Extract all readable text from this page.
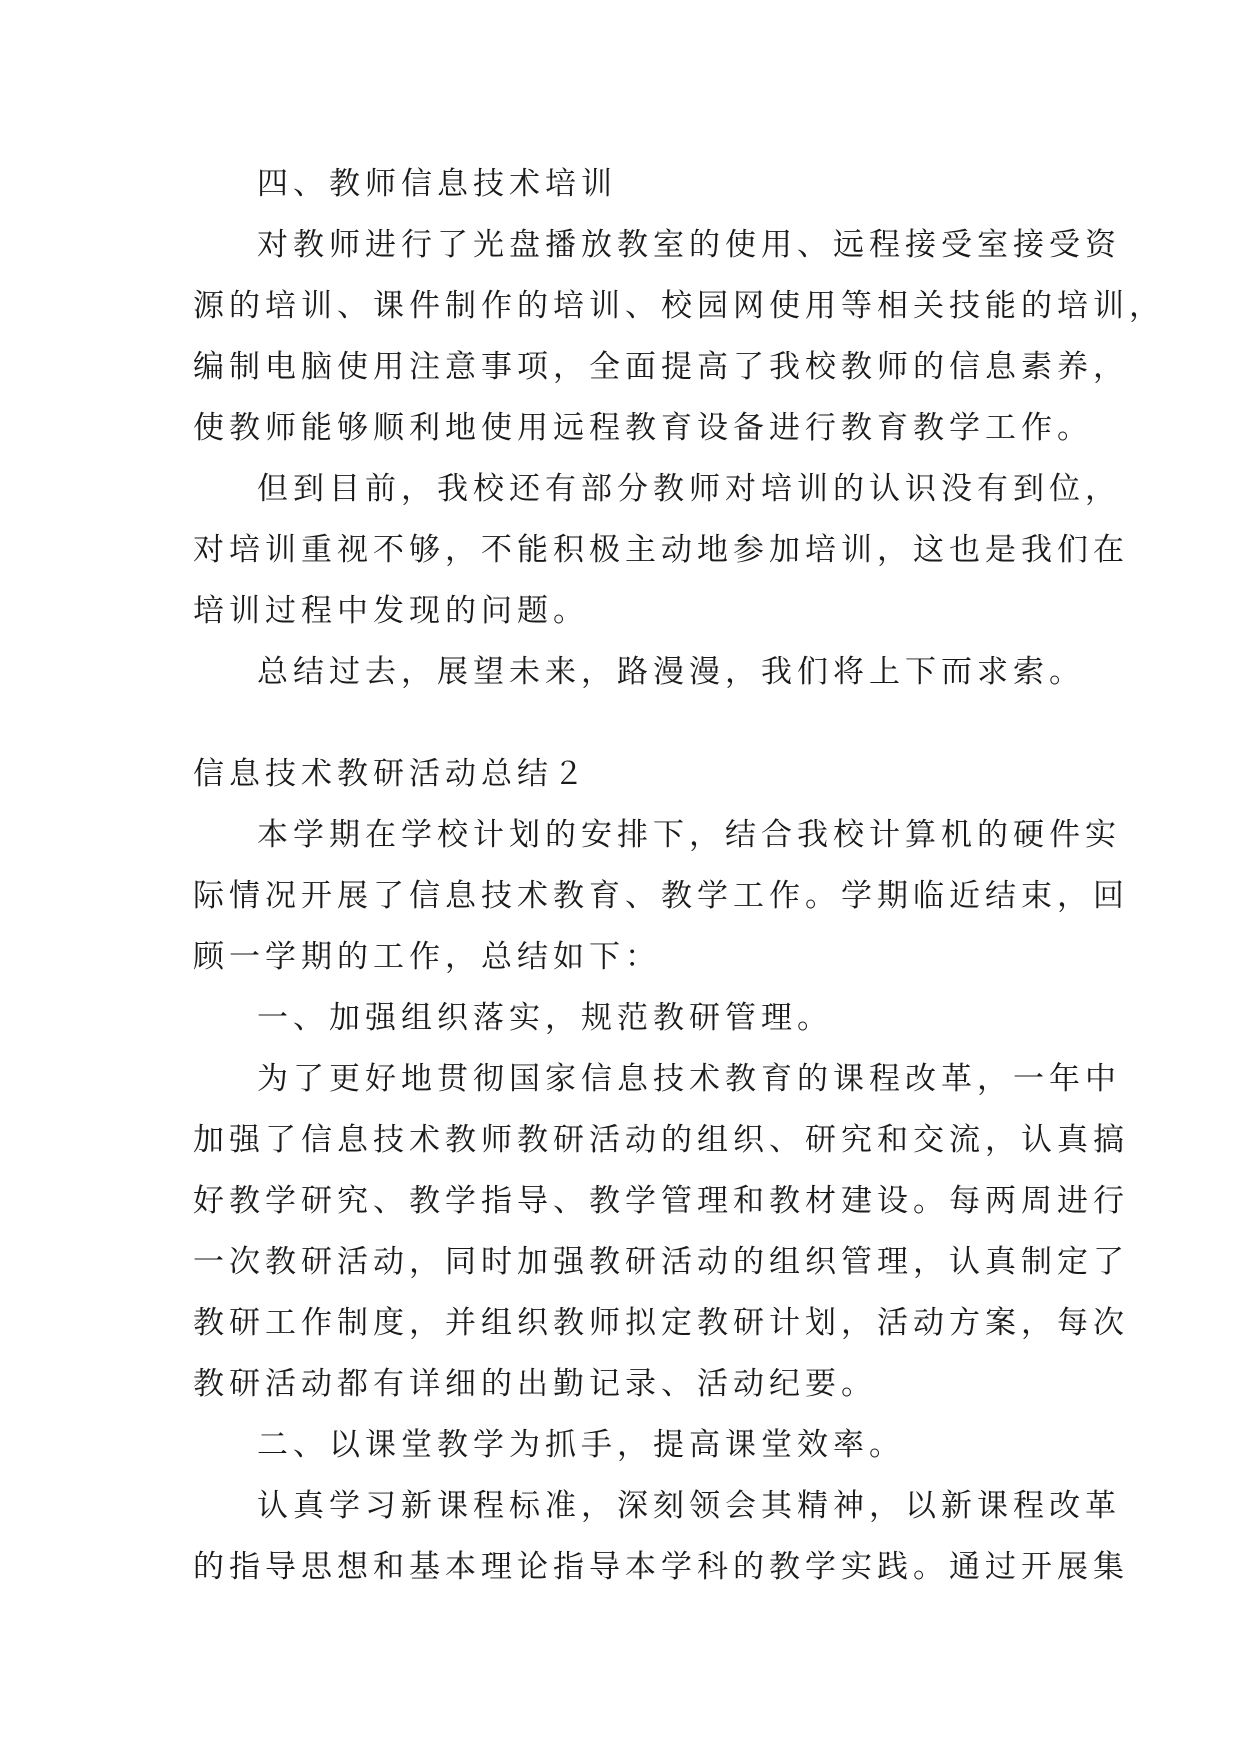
四、教师信息技术培训
对教师进行了光盘播放教室的使用、远程接受室接受资
源的培训、课件制作的培训、校园网使用等相关技能的培训，
编制电脑使用注意事项，全面提高了我校教师的信息素养，
使教师能够顺利地使用远程教育设备进行教育教学工作。
但到目前，我校还有部分教师对培训的认识没有到位，
对培训重视不够，不能积极主动地参加培训，这也是我们在
培训过程中发现的问题。
总结过去，展望未来，路漫漫，我们将上下而求索。
信息技术教研活动总结２
本学期在学校计划的安排下，结合我校计算机的硬件实
际情况开展了信息技术教育、教学工作。学期临近结束，回
顾一学期的工作，总结如下：
一、加强组织落实，规范教研管理。
为了更好地贯彻国家信息技术教育的课程改革，一年中
加强了信息技术教师教研活动的组织、研究和交流，认真搞
好教学研究、教学指导、教学管理和教材建设。每两周进行
一次教研活动，同时加强教研活动的组织管理，认真制定了
教研工作制度，并组织教师拟定教研计划，活动方案，每次
教研活动都有详细的出勤记录、活动纪要。
二、以课堂教学为抓手，提高课堂效率。
认真学习新课程标准，深刻领会其精神，以新课程改革
的指导思想和基本理论指导本学科的教学实践。通过开展集
